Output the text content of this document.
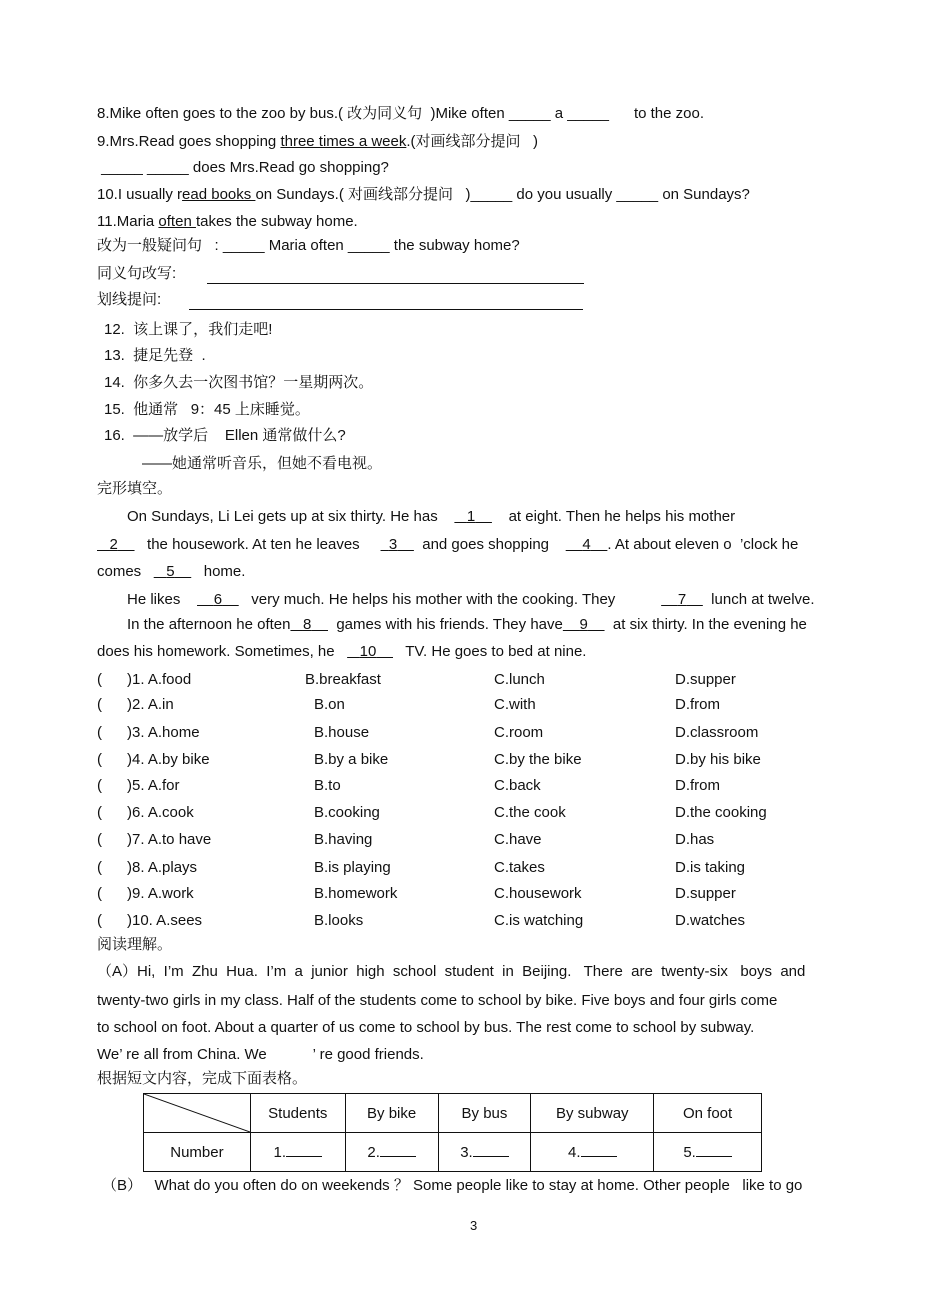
8.Mike often goes to the zoo by bus.( 改为同义句  )Mike often _____ a _____      to the zoo.
9.Mrs.Read goes shopping three times a week.(对画线部分提问   )
_____ _____ does Mrs.Read go shopping?
10.I usually read books on Sundays.( 对画线部分提问   )_____ do you usually _____ on Sundays?
11.Maria often takes the subway home.
改为一般疑问句   : _____ Maria often _____ the subway home?
同义句改写:
划线提问:
12.  该上课了，我们走吧!
13.  捷足先登  .
14.  你多久去一次图书馆？一星期两次。
15.  他通常   9：45 上床睡觉。
16.  ——放学后    Ellen 通常做什么?
——她通常听音乐，但她不看电视。
完形填空。
On Sundays, Li Lei gets up at six thirty. He has 1 at eight. Then he helps his mother
2 the housework. At ten he leaves 3 and goes shopping 4 . At about eleven o  ’clock he
comes 5 home.
He likes 6 very much. He helps his mother with the cooking. They	7 lunch at twelve.
In the afternoon he often 8 games with his friends. They have 9 at six thirty. In the evening he
does his homework. Sometimes, he 10 TV. He goes to bed at nine.
(      )1. A.food	B.breakfast	C.lunch	D.supper
(      )2. A.in	B.on	C.with	D.from
(      )3. A.home	B.house	C.room	D.classroom
(      )4. A.by bike	B.by a bike	C.by the bike	D.by his bike
(      )5. A.for	B.to	C.back	D.from
(      )6. A.cook	B.cooking	C.the cook	D.the cooking
(      )7. A.to have	B.having	C.have	D.has
(      )8. A.plays	B.is playing	C.takes	D.is taking
(      )9. A.work	B.homework	C.housework	D.supper
(      )10. A.sees	B.looks	C.is watching	D.watches
阅读理解。
（A）Hi,  I’m  Zhu  Hua.  I’m  a  junior  high  school  student  in  Beijing.   There  are  twenty-six   boys  and
twenty-two girls in my class. Half of the students come to school by bike. Five boys and four girls come
to school on foot. About a quarter of us come to school by bus. The rest come to school by subway.
We’ re all from China. We	’ re good friends.
根据短文内容，完成下面表格。
	Students	By bike	By bus	By subway	On foot
Number	1.	2.	3.	4.	5.
（B）   What do you often do on weekends ？ Some people like to stay at home. Other people   like to go
3
